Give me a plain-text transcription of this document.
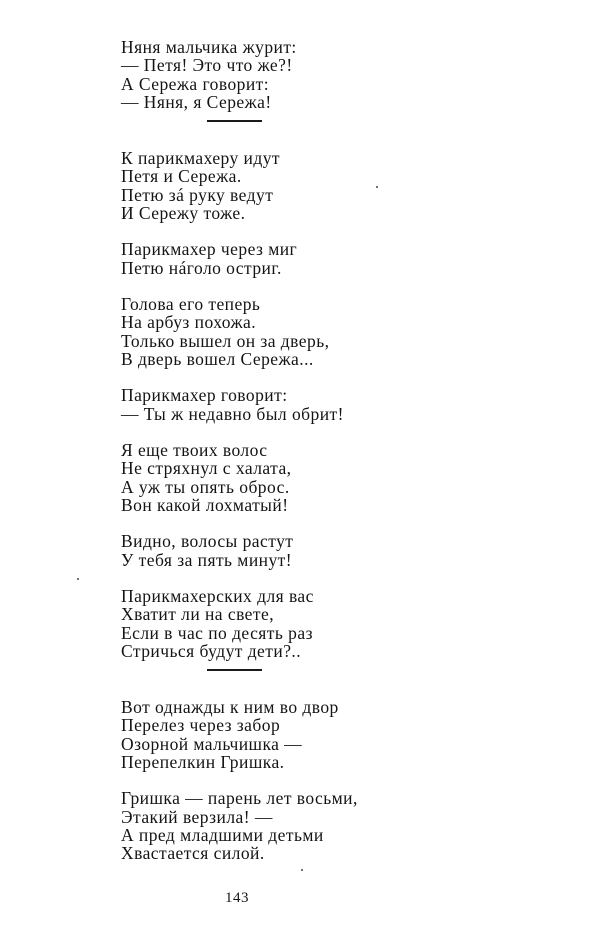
Няня мальчика журит:
— Петя! Это что же?!
А Сережа говорит:
— Няня, я Сережа!
К парикмахеру идут
Петя и Сережа.
Петю зá руку ведут
И Сережу тоже.
Парикмахер через миг
Петю нáголо остриг.
Голова его теперь
На арбуз похожа.
Только вышел он за дверь,
В дверь вошел Сережа...
Парикмахер говорит:
— Ты ж недавно был обрит!
Я еще твоих волос
Не стряхнул с халата,
А уж ты опять оброс.
Вон какой лохматый!
Видно, волосы растут
У тебя за пять минут!
Парикмахерских для вас
Хватит ли на свете,
Если в час по десять раз
Стричься будут дети?..
Вот однажды к ним во двор
Перелез через забор
Озорной мальчишка —
Перепелкин Гришка.
Гришка — парень лет восьми,
Этакий верзила! —
А пред младшими детьми
Хвастается силой.
143
